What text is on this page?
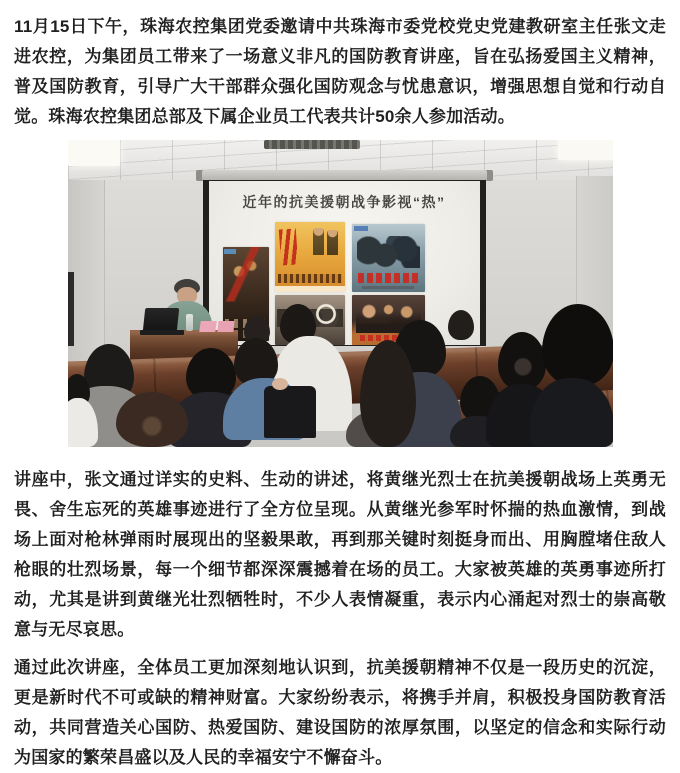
11月15日下午，珠海农控集团党委邀请中共珠海市委党校党史党建教研室主任张文走进农控，为集团员工带来了一场意义非凡的国防教育讲座，旨在弘扬爱国主义精神，普及国防教育，引导广大干部群众强化国防观念与忧患意识，增强思想自觉和行动自觉。珠海农控集团总部及下属企业员工代表共计50余人参加活动。

近年的抗美援朝战争影视“热”

讲座中，张文通过详实的史料、生动的讲述，将黄继光烈士在抗美援朝战场上英勇无畏、舍生忘死的英雄事迹进行了全方位呈现。从黄继光参军时怀揣的热血激情，到战场上面对枪林弹雨时展现出的坚毅果敢，再到那关键时刻挺身而出、用胸膛堵住敌人枪眼的壮烈场景，每一个细节都深深震撼着在场的员工。大家被英雄的英勇事迹所打动，尤其是讲到黄继光壮烈牺牲时，不少人表情凝重，表示内心涌起对烈士的崇高敬意与无尽哀思。

通过此次讲座，全体员工更加深刻地认识到，抗美援朝精神不仅是一段历史的沉淀，更是新时代不可或缺的精神财富。大家纷纷表示，将携手并肩，积极投身国防教育活动，共同营造关心国防、热爱国防、建设国防的浓厚氛围，以坚定的信念和实际行动为国家的繁荣昌盛以及人民的幸福安宁不懈奋斗。
